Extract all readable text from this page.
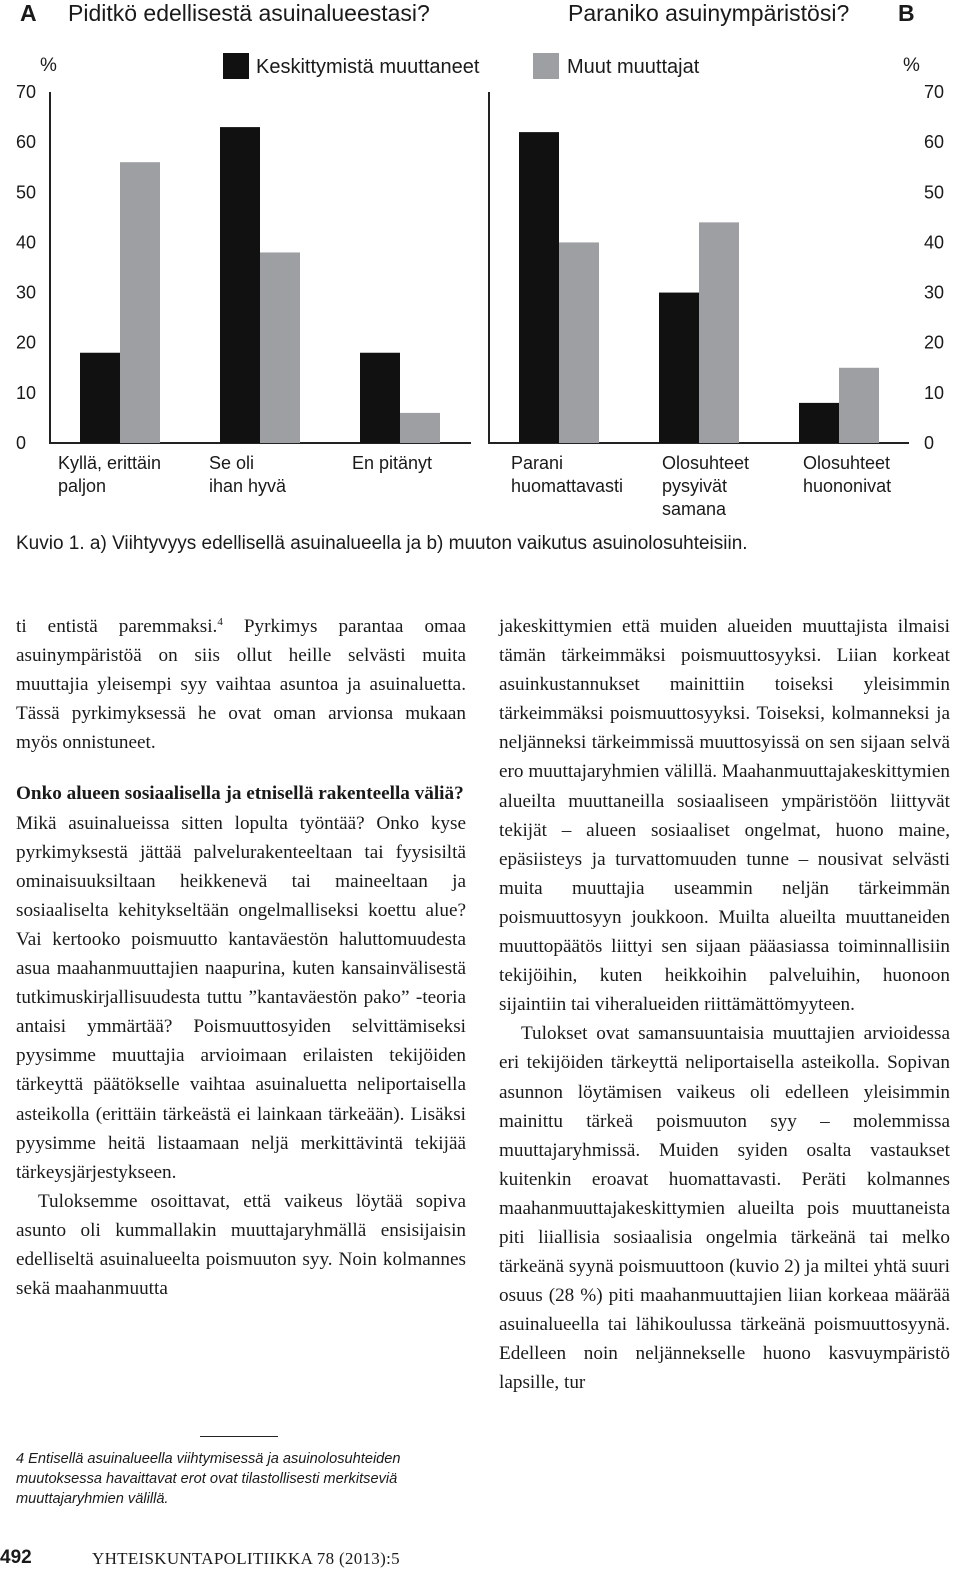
A Piditkö edellisestä asuinalueestasi?	Paraniko asuinympäristösi? B
%	Keskittymistä muuttaneet	Muut muuttajat	%
0	0
10	10
20	20
30	30
40	40
50	50
60	60
70	70
Kyllä, erittäin
paljon
Se oli
ihan hyvä
En pitänyt	Parani
huomattavasti
Olosuhteet
pysyivät
samana
Olosuhteet
huononivat
Kuvio 1. a) Viihtyvyys edellisellä asuinalueella ja b) muuton vaikutus asuinolosuhteisiin.

ti entistä paremmaksi.$^4$ Pyrkimys parantaa omaa asuinympäristöä on siis ollut heille selvästi muita muuttajia yleisempi syy vaihtaa asuntoa ja asuinaluetta. Tässä pyrkimyksessä he ovat oman arvionsa mukaan myös onnistuneet.

Onko alueen sosiaalisella ja etnisellä rakenteella väliä?

Mikä asuinalueissa sitten lopulta työntää? Onko kyse pyrkimyksestä jättää palvelurakenteeltaan tai fyysisiltä ominaisuuksiltaan heikkenevä tai maineeltaan ja sosiaaliselta kehitykseltään ongelmalliseksi koettu alue? Vai kertooko poismuutto kantaväestön haluttomuudesta asua maahanmuuttajien naapurina, kuten kansainvälisestä tutkimuskirjallisuudesta tuttu ”kantaväestön pako” -teoria antaisi ymmärtää? Poismuuttosyiden selvittämiseksi pyysimme muuttajia arvioimaan erilaisten tekijöiden tärkeyttä päätökselle vaihtaa asuinaluetta neliportaisella asteikolla (erittäin tärkeästä ei lainkaan tärkeään). Lisäksi pyysimme heitä listaamaan neljä merkittävintä tekijää tärkeysjärjestykseen.

Tuloksemme osoittavat, että vaikeus löytää sopiva asunto oli kummallakin muuttajaryhmällä ensisijaisin edelliseltä asuinalueelta poismuuton syy. Noin kolmannes sekä maahanmuutta

jakeskittymien että muiden alueiden muuttajista ilmaisi tämän tärkeimmäksi poismuuttosyyksi. Liian korkeat asuinkustannukset mainittiin toiseksi yleisimmin tärkeimmäksi poismuuttosyyksi. Toiseksi, kolmanneksi ja neljänneksi tärkeimmissä muuttosyissä on sen sijaan selvä ero muuttajaryhmien välillä. Maahanmuuttajakeskittymien alueilta muuttaneilla sosiaaliseen ympäristöön liittyvät tekijät – alueen sosiaaliset ongelmat, huono maine, epäsiisteys ja turvattomuuden tunne – nousivat selvästi muita muuttajia useammin neljän tärkeimmän poismuuttosyyn joukkoon. Muilta alueilta muuttaneiden muuttopäätös liittyi sen sijaan pääasiassa toiminnallisiin tekijöihin, kuten heikkoihin palveluihin, huonoon sijaintiin tai viheralueiden riittämättömyyteen.

Tulokset ovat samansuuntaisia muuttajien arvioidessa eri tekijöiden tärkeyttä neliportaisella asteikolla. Sopivan asunnon löytämisen vaikeus oli edelleen yleisimmin mainittu tärkeä poismuuton syy – molemmissa muuttajaryhmissä. Muiden syiden osalta vastaukset kuitenkin eroavat huomattavasti. Peräti kolmannes maahanmuuttajakeskittymien alueilta pois muuttaneista piti liiallisia sosiaalisia ongelmia tärkeänä tai melko tärkeänä syynä poismuuttoon (kuvio 2) ja miltei yhtä suuri osuus (28 %) piti maahanmuuttajien liian korkeaa määrää asuinalueella tai lähikoulussa tärkeänä poismuuttosyynä. Edelleen noin neljännekselle huono kasvuympäristö lapsille, tur

4 Entisellä asuinalueella viihtymisessä ja asuinolosuhteiden muutoksessa havaittavat erot ovat tilastollisesti merkitseviä muuttajaryhmien välillä.
492	YHTEISKUNTAPOLITIIKKA 78 (2013):5
